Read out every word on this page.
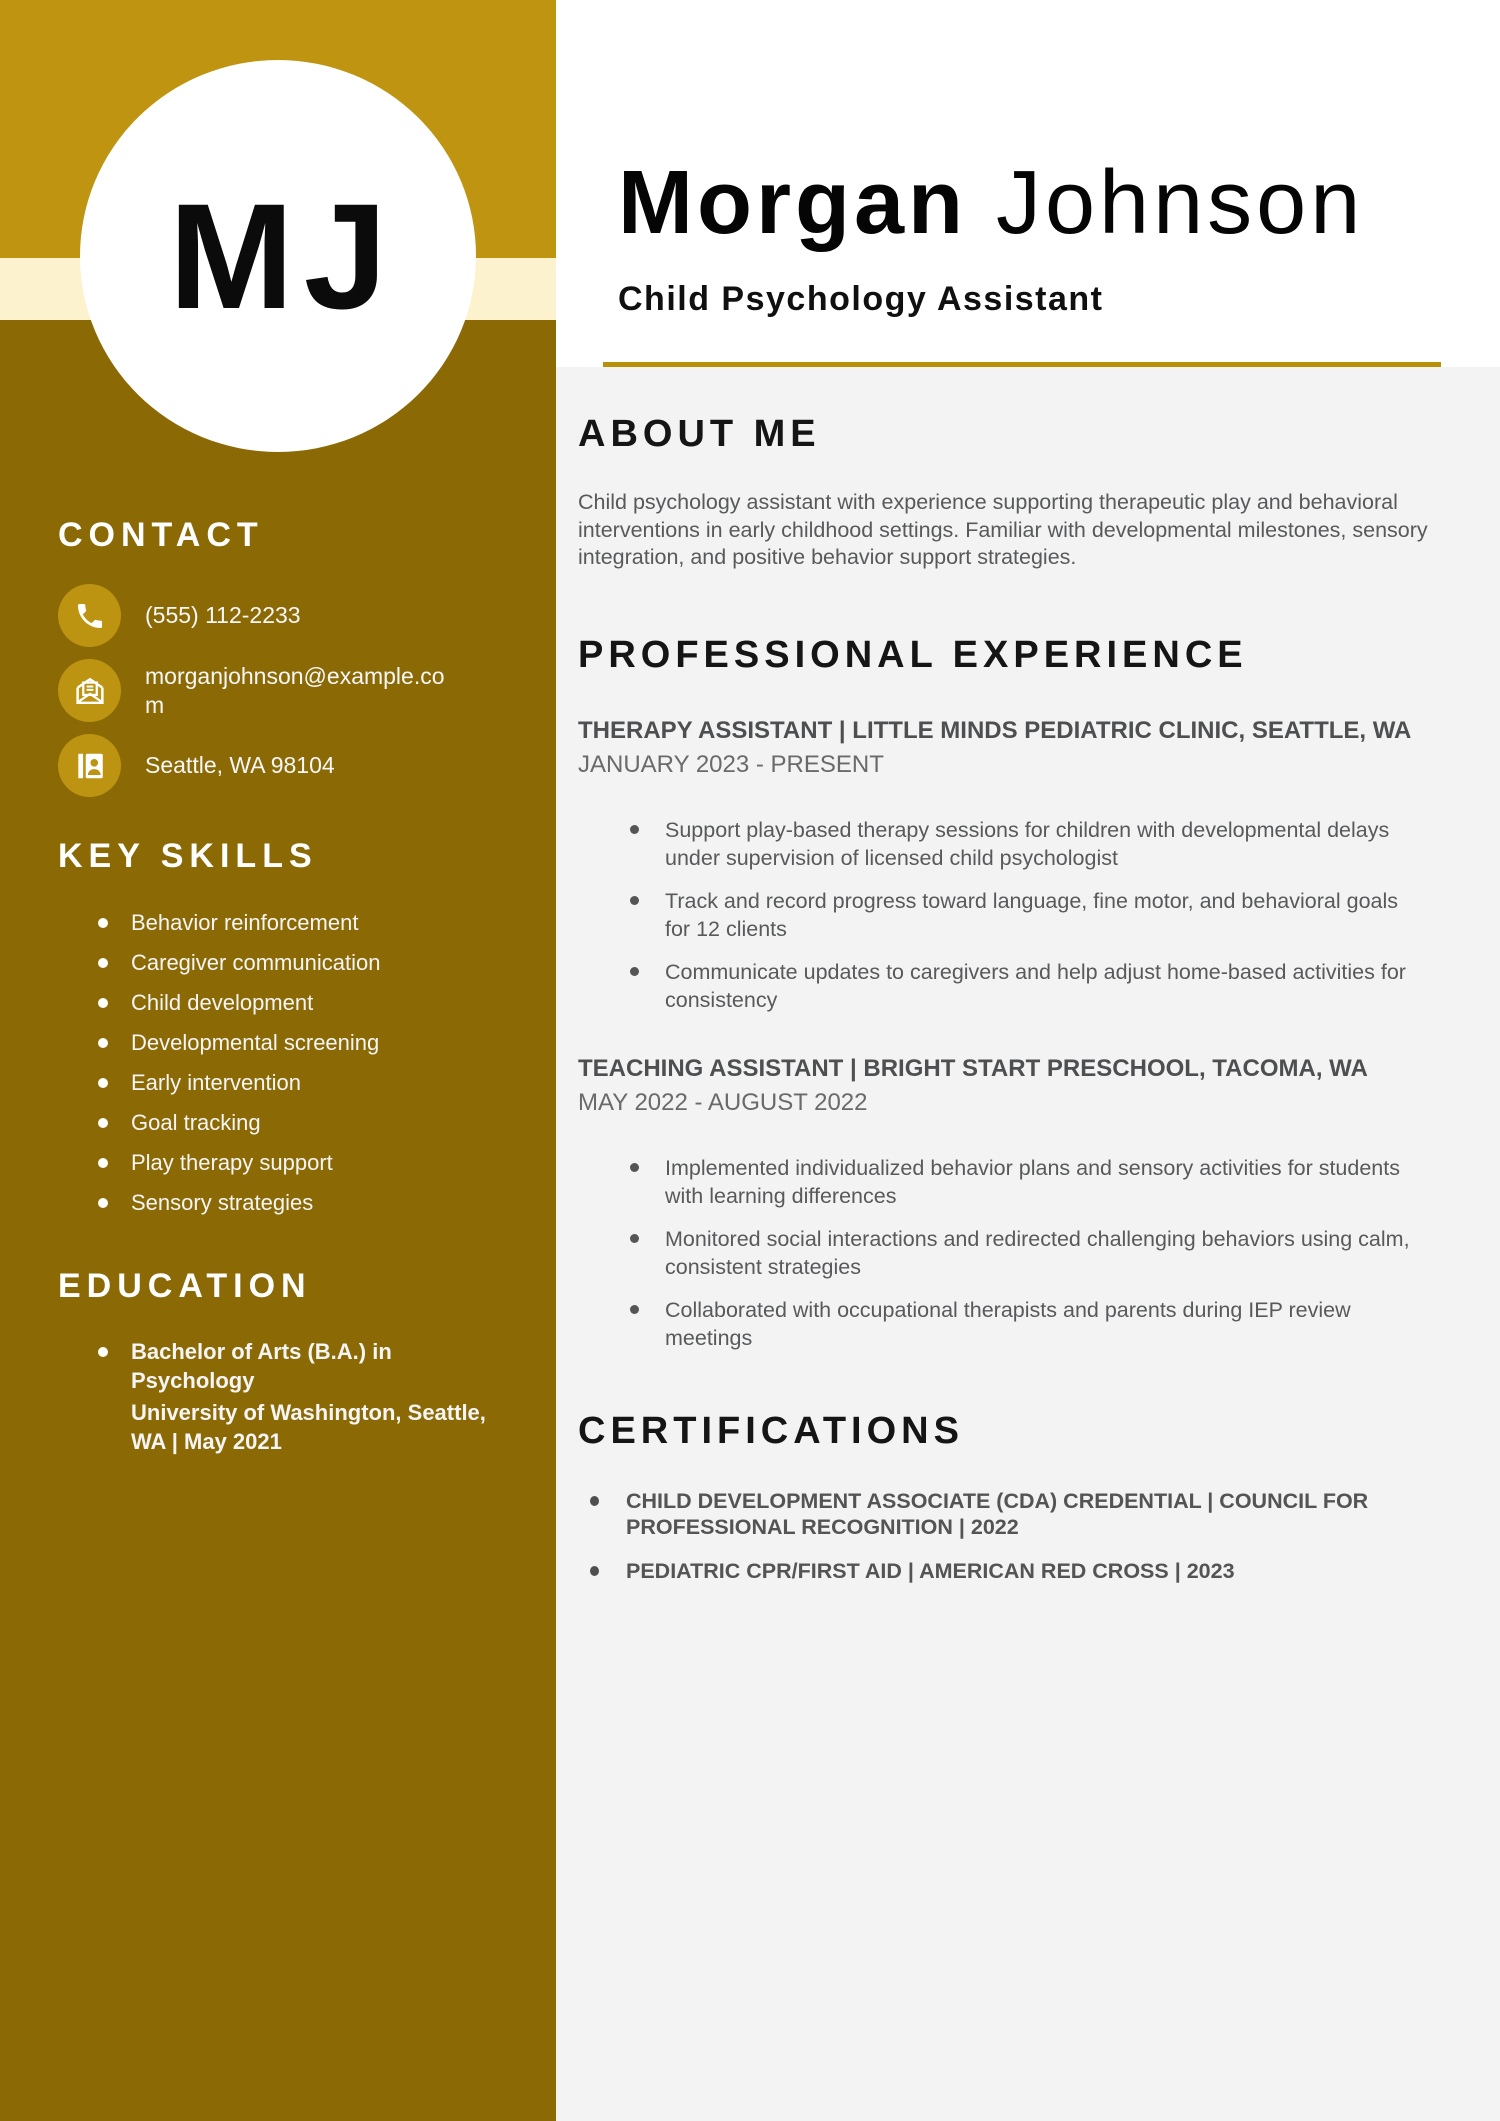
MJ
CONTACT
(555) 112-2233
morganjohnson@example.com
Seattle, WA 98104
KEY SKILLS
Behavior reinforcement
Caregiver communication
Child development
Developmental screening
Early intervention
Goal tracking
Play therapy support
Sensory strategies
EDUCATION
Bachelor of Arts (B.A.) in Psychology
University of Washington, Seattle, WA | May 2021
Morgan Johnson
Child Psychology Assistant
ABOUT ME

Child psychology assistant with experience supporting therapeutic play and behavioral interventions in early childhood settings. Familiar with developmental milestones, sensory integration, and positive behavior support strategies.

PROFESSIONAL EXPERIENCE
THERAPY ASSISTANT | LITTLE MINDS PEDIATRIC CLINIC, SEATTLE, WA
JANUARY 2023 - PRESENT
Support play-based therapy sessions for children with developmental delays under supervision of licensed child psychologist
Track and record progress toward language, fine motor, and behavioral goals for 12 clients
Communicate updates to caregivers and help adjust home-based activities for consistency
TEACHING ASSISTANT | BRIGHT START PRESCHOOL, TACOMA, WA
MAY 2022 - AUGUST 2022
Implemented individualized behavior plans and sensory activities for students with learning differences
Monitored social interactions and redirected challenging behaviors using calm, consistent strategies
Collaborated with occupational therapists and parents during IEP review meetings
CERTIFICATIONS
CHILD DEVELOPMENT ASSOCIATE (CDA) CREDENTIAL | COUNCIL FOR PROFESSIONAL RECOGNITION | 2022
PEDIATRIC CPR/FIRST AID | AMERICAN RED CROSS | 2023
